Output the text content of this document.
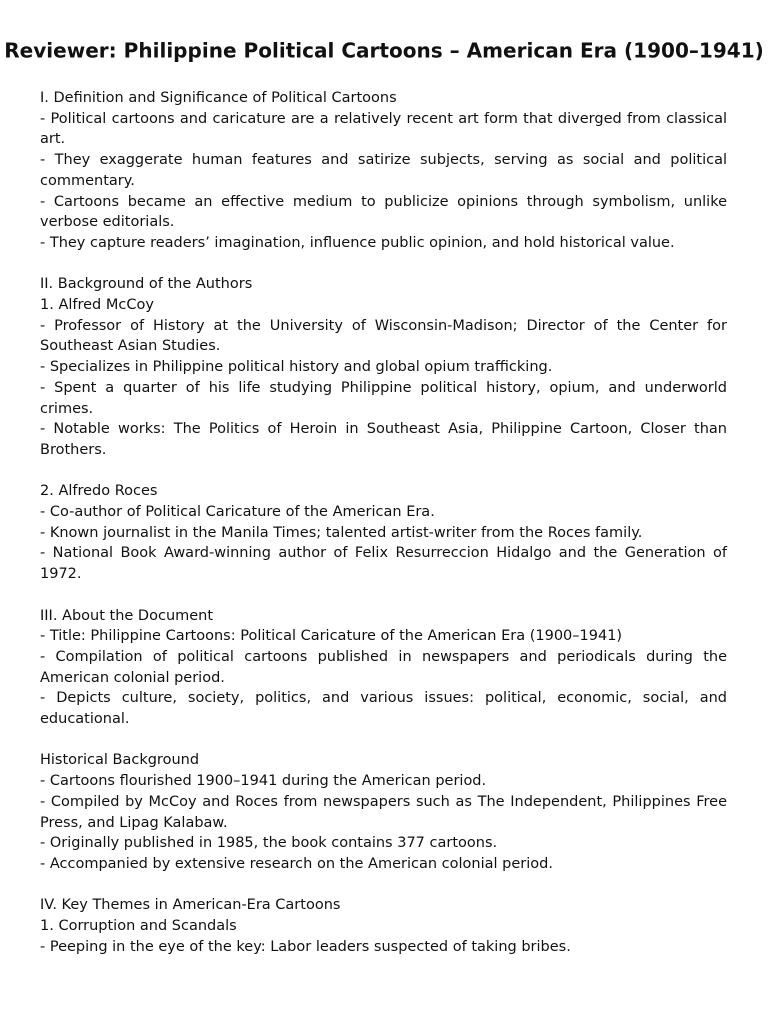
Reviewer: Philippine Political Cartoons – American Era (1900–1941)

I. Definition and Significance of Political Cartoons

- Political cartoons and caricature are a relatively recent art form that diverged from classical art.

- They exaggerate human features and satirize subjects, serving as social and political commentary.

- Cartoons became an effective medium to publicize opinions through symbolism, unlike verbose editorials.

- They capture readers’ imagination, influence public opinion, and hold historical value.

II. Background of the Authors

1. Alfred McCoy

- Professor of History at the University of Wisconsin-Madison; Director of the Center for Southeast Asian Studies.

- Specializes in Philippine political history and global opium trafficking.

- Spent a quarter of his life studying Philippine political history, opium, and underworld crimes.

- Notable works: The Politics of Heroin in Southeast Asia, Philippine Cartoon, Closer than Brothers.

2. Alfredo Roces

- Co-author of Political Caricature of the American Era.

- Known journalist in the Manila Times; talented artist-writer from the Roces family.

- National Book Award-winning author of Felix Resurreccion Hidalgo and the Generation of 1972.

III. About the Document

- Title: Philippine Cartoons: Political Caricature of the American Era (1900–1941)

- Compilation of political cartoons published in newspapers and periodicals during the American colonial period.

- Depicts culture, society, politics, and various issues: political, economic, social, and educational.

Historical Background

- Cartoons flourished 1900–1941 during the American period.

- Compiled by McCoy and Roces from newspapers such as The Independent, Philippines Free Press, and Lipag Kalabaw.

- Originally published in 1985, the book contains 377 cartoons.

- Accompanied by extensive research on the American colonial period.

IV. Key Themes in American-Era Cartoons

1. Corruption and Scandals

- Peeping in the eye of the key: Labor leaders suspected of taking bribes.
